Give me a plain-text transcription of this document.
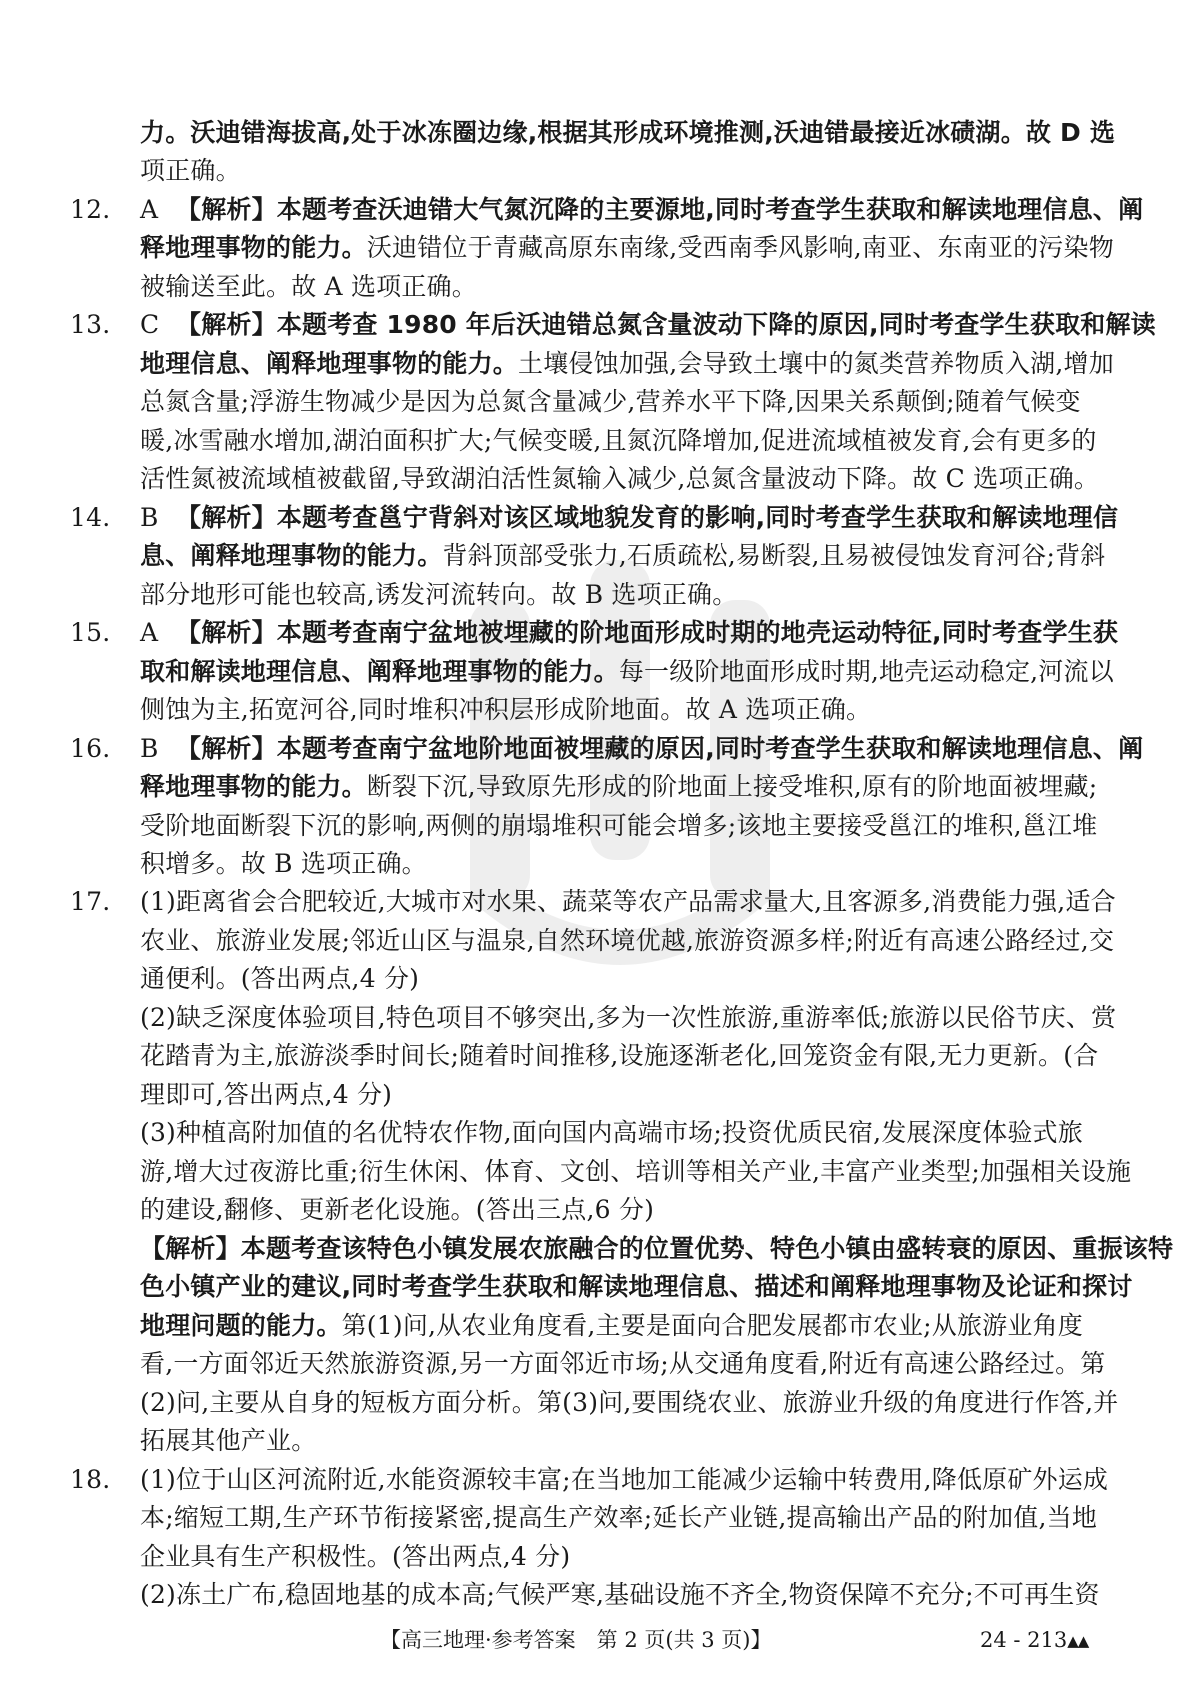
力。沃迪错海拔高,处于冰冻圈边缘,根据其形成环境推测,沃迪错最接近冰碛湖。故 D 选
项正确。
12. A 【解析】本题考查沃迪错大气氮沉降的主要源地,同时考查学生获取和解读地理信息、阐
释地理事物的能力。沃迪错位于青藏高原东南缘,受西南季风影响,南亚、东南亚的污染物
被输送至此。故 A 选项正确。
13. C 【解析】本题考查 1980 年后沃迪错总氮含量波动下降的原因,同时考查学生获取和解读
地理信息、阐释地理事物的能力。土壤侵蚀加强,会导致土壤中的氮类营养物质入湖,增加
总氮含量;浮游生物减少是因为总氮含量减少,营养水平下降,因果关系颠倒;随着气候变
暖,冰雪融水增加,湖泊面积扩大;气候变暖,且氮沉降增加,促进流域植被发育,会有更多的
活性氮被流域植被截留,导致湖泊活性氮输入减少,总氮含量波动下降。故 C 选项正确。
14. B 【解析】本题考查邕宁背斜对该区域地貌发育的影响,同时考查学生获取和解读地理信
息、阐释地理事物的能力。背斜顶部受张力,石质疏松,易断裂,且易被侵蚀发育河谷;背斜
部分地形可能也较高,诱发河流转向。故 B 选项正确。
15. A 【解析】本题考查南宁盆地被埋藏的阶地面形成时期的地壳运动特征,同时考查学生获
取和解读地理信息、阐释地理事物的能力。每一级阶地面形成时期,地壳运动稳定,河流以
侧蚀为主,拓宽河谷,同时堆积冲积层形成阶地面。故 A 选项正确。
16. B 【解析】本题考查南宁盆地阶地面被埋藏的原因,同时考查学生获取和解读地理信息、阐
释地理事物的能力。断裂下沉,导致原先形成的阶地面上接受堆积,原有的阶地面被埋藏;
受阶地面断裂下沉的影响,两侧的崩塌堆积可能会增多;该地主要接受邕江的堆积,邕江堆
积增多。故 B 选项正确。
17. (1)距离省会合肥较近,大城市对水果、蔬菜等农产品需求量大,且客源多,消费能力强,适合
农业、旅游业发展;邻近山区与温泉,自然环境优越,旅游资源多样;附近有高速公路经过,交
通便利。(答出两点,4 分)
(2)缺乏深度体验项目,特色项目不够突出,多为一次性旅游,重游率低;旅游以民俗节庆、赏
花踏青为主,旅游淡季时间长;随着时间推移,设施逐渐老化,回笼资金有限,无力更新。(合
理即可,答出两点,4 分)
(3)种植高附加值的名优特农作物,面向国内高端市场;投资优质民宿,发展深度体验式旅
游,增大过夜游比重;衍生休闲、体育、文创、培训等相关产业,丰富产业类型;加强相关设施
的建设,翻修、更新老化设施。(答出三点,6 分)
【解析】本题考查该特色小镇发展农旅融合的位置优势、特色小镇由盛转衰的原因、重振该特
色小镇产业的建议,同时考查学生获取和解读地理信息、描述和阐释地理事物及论证和探讨
地理问题的能力。第(1)问,从农业角度看,主要是面向合肥发展都市农业;从旅游业角度
看,一方面邻近天然旅游资源,另一方面邻近市场;从交通角度看,附近有高速公路经过。第
(2)问,主要从自身的短板方面分析。第(3)问,要围绕农业、旅游业升级的角度进行作答,并
拓展其他产业。
18. (1)位于山区河流附近,水能资源较丰富;在当地加工能减少运输中转费用,降低原矿外运成
本;缩短工期,生产环节衔接紧密,提高生产效率;延长产业链,提高输出产品的附加值,当地
企业具有生产积极性。(答出两点,4 分)
(2)冻土广布,稳固地基的成本高;气候严寒,基础设施不齐全,物资保障不充分;不可再生资
【高三地理·参考答案　第 2 页(共 3 页)】	24 - 213▲▲
